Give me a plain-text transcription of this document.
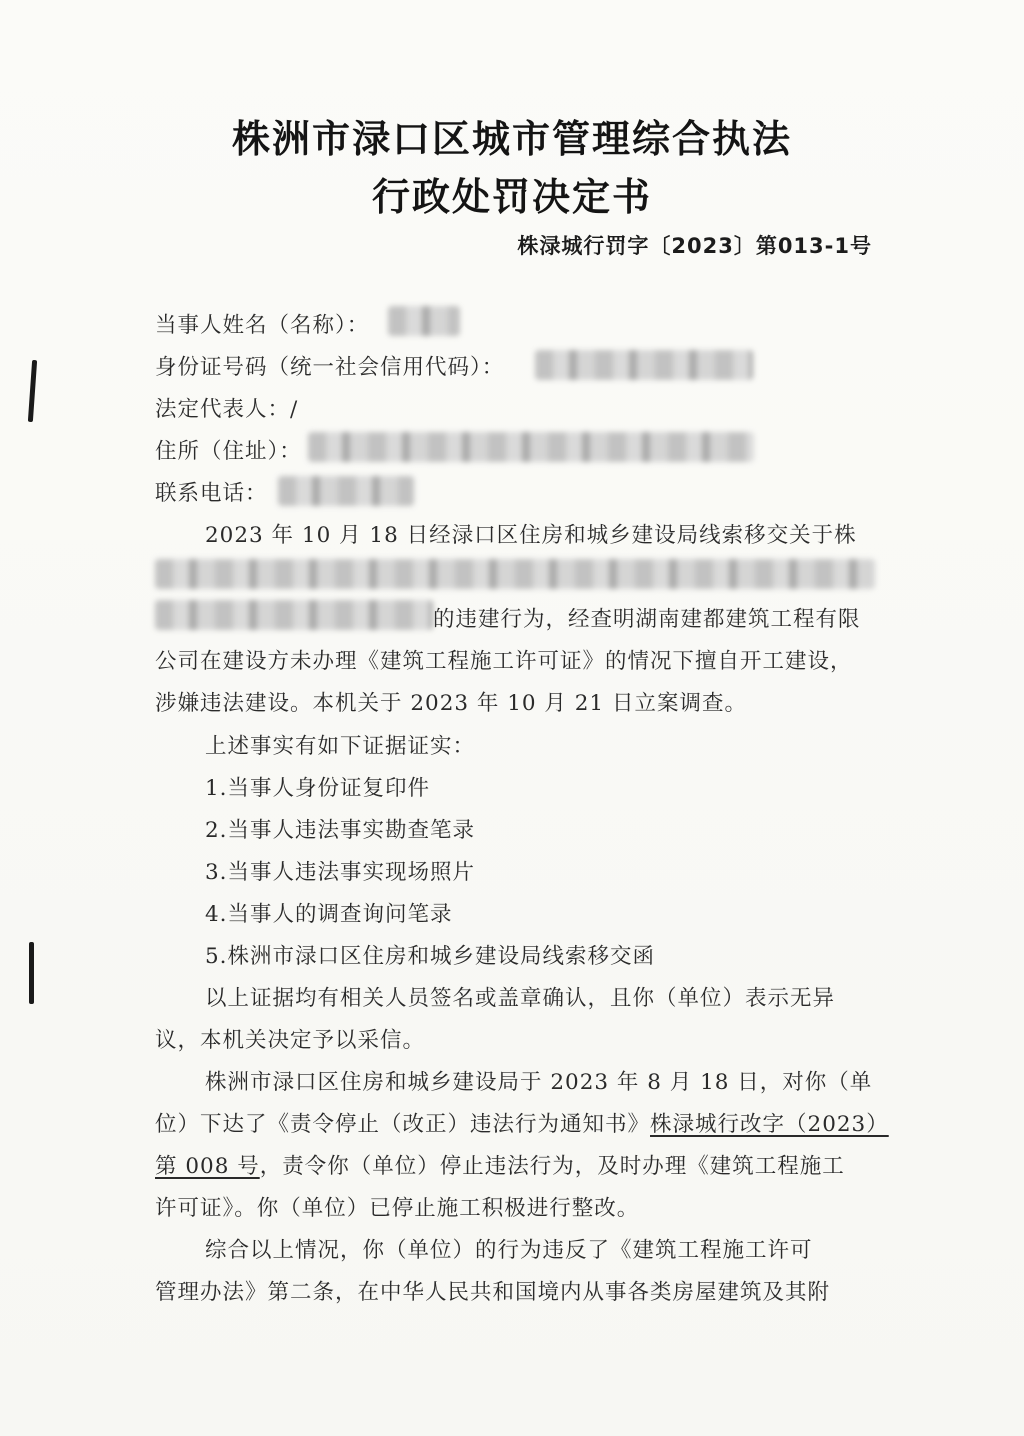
株洲市渌口区城市管理综合执法
行政处罚决定书
株渌城行罚字〔2023〕第013-1号
当事人姓名（名称）：
身份证号码（统一社会信用代码）：
法定代表人：/
住所（住址）：
联系电话：
2023 年 10 月 18 日经渌口区住房和城乡建设局线索移交关于株
的违建行为，经查明湖南建都建筑工程有限
公司在建设方未办理《建筑工程施工许可证》的情况下擅自开工建设，
涉嫌违法建设。本机关于 2023 年 10 月 21 日立案调查。
上述事实有如下证据证实：
1.当事人身份证复印件
2.当事人违法事实勘查笔录
3.当事人违法事实现场照片
4.当事人的调查询问笔录
5.株洲市渌口区住房和城乡建设局线索移交函
以上证据均有相关人员签名或盖章确认，且你（单位）表示无异
议，本机关决定予以采信。
株洲市渌口区住房和城乡建设局于 2023 年 8 月 18 日，对你（单
位）下达了《责令停止（改正）违法行为通知书》株渌城行改字（2023）
第 008 号，责令你（单位）停止违法行为，及时办理《建筑工程施工
许可证》。你（单位）已停止施工积极进行整改。
综合以上情况，你（单位）的行为违反了《建筑工程施工许可
管理办法》第二条，在中华人民共和国境内从事各类房屋建筑及其附
